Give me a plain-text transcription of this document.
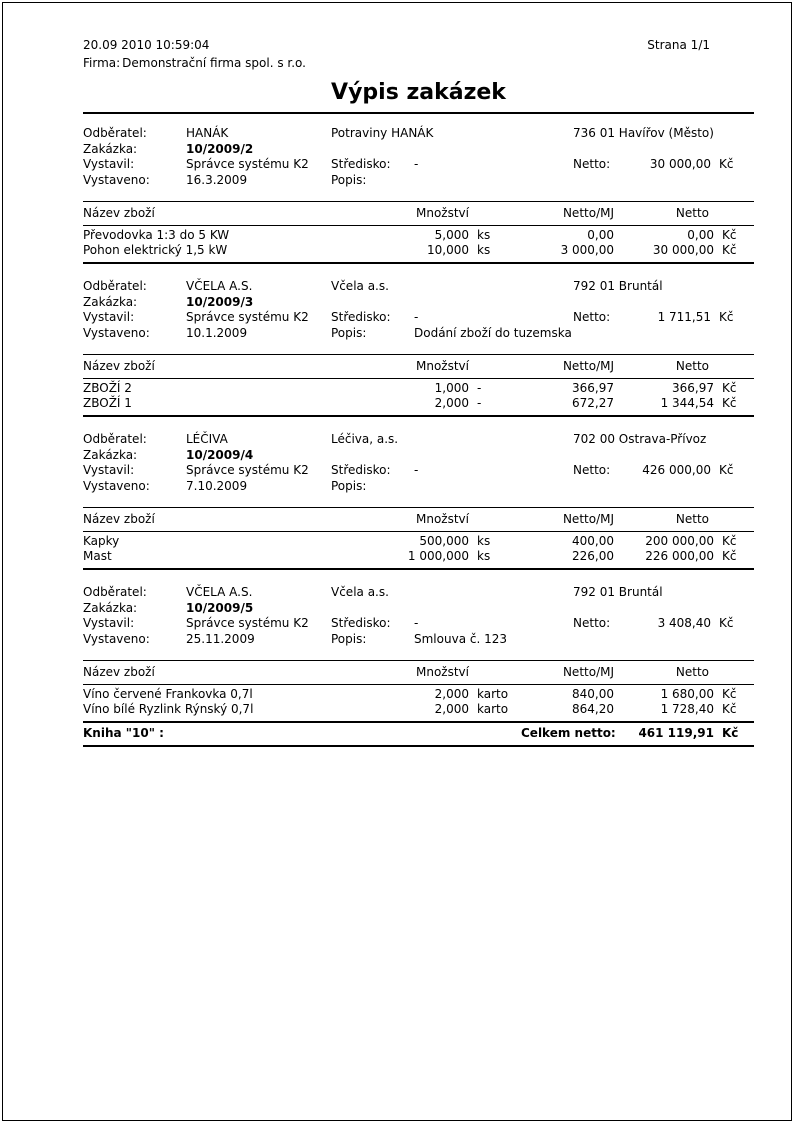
20.09 2010 10:59:04	Strana 1/1
Firma: Demonstrační firma spol. s r.o.
Výpis zakázek
Odběratel:	HANÁK	Potraviny HANÁK	736 01 Havířov (Město)
Zakázka:	10/2009/2
Vystavil:	Správce systému K2	Středisko:	-	Netto:	30 000,00 Kč
Vystaveno:	16.3.2009	Popis:
Název zboží	Množství	Netto/MJ	Netto
Převodovka 1:3 do 5 KW	5,000 ks	0,00	0,00 Kč
Pohon elektrický 1,5 kW	10,000 ks	3 000,00	30 000,00 Kč
Odběratel:	VČELA A.S.	Včela a.s.	792 01 Bruntál
Zakázka:	10/2009/3
Vystavil:	Správce systému K2	Středisko:	-	Netto:	1 711,51 Kč
Vystaveno:	10.1.2009	Popis:	Dodání zboží do tuzemska
Název zboží	Množství	Netto/MJ	Netto
ZBOŽÍ 2	1,000 -	366,97	366,97 Kč
ZBOŽÍ 1	2,000 -	672,27	1 344,54 Kč
Odběratel:	LÉČIVA	Léčiva, a.s.	702 00 Ostrava-Přívoz
Zakázka:	10/2009/4
Vystavil:	Správce systému K2	Středisko:	-	Netto:	426 000,00 Kč
Vystaveno:	7.10.2009	Popis:
Název zboží	Množství	Netto/MJ	Netto
Kapky	500,000 ks	400,00	200 000,00 Kč
Mast	1 000,000 ks	226,00	226 000,00 Kč
Odběratel:	VČELA A.S.	Včela a.s.	792 01 Bruntál
Zakázka:	10/2009/5
Vystavil:	Správce systému K2	Středisko:	-	Netto:	3 408,40 Kč
Vystaveno:	25.11.2009	Popis:	Smlouva č. 123
Název zboží	Množství	Netto/MJ	Netto
Víno červené Frankovka 0,7l	2,000 karto	840,00	1 680,00 Kč
Víno bílé Ryzlink Rýnský 0,7l	2,000 karto	864,20	1 728,40 Kč
Kniha "10" :	Celkem netto:	461 119,91 Kč
